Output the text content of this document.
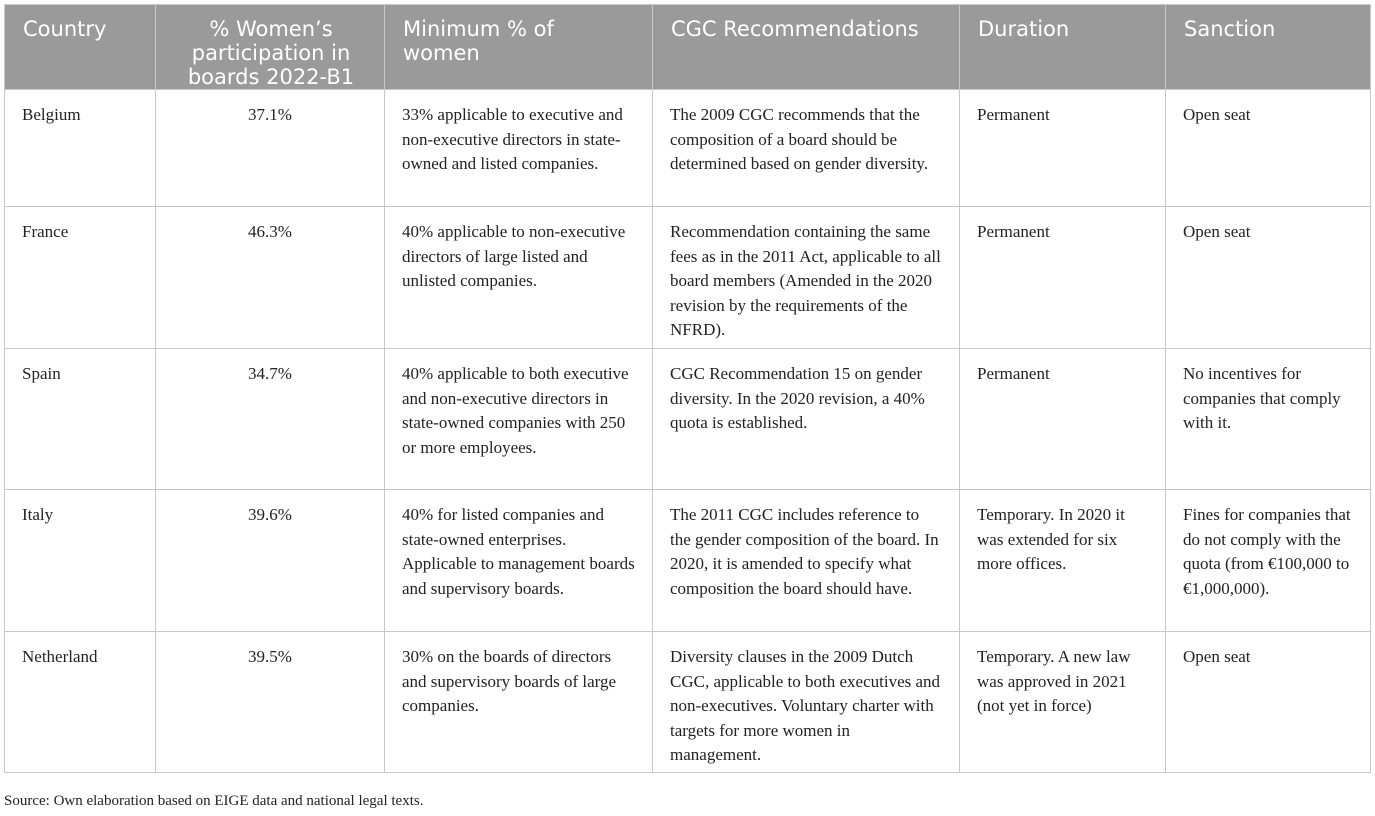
Country	% Women’s participation in boards 2022-B1	Minimum % of women	CGC Recommendations	Duration	Sanction
Belgium	37.1%	33% applicable to executive and non-executive directors in state-owned and listed companies.	The 2009 CGC recommends that the composition of a board should be determined based on gender diversity.	Permanent	Open seat
France	46.3%	40% applicable to non-executive directors of large listed and unlisted companies.	Recommendation containing the same fees as in the 2011 Act, applicable to all board members (Amended in the 2020 revision by the requirements of the NFRD).	Permanent	Open seat
Spain	34.7%	40% applicable to both executive and non-executive directors in state-owned companies with 250 or more employees.	CGC Recommendation 15 on gender diversity. In the 2020 revision, a 40% quota is established.	Permanent	No incentives for companies that comply with it.
Italy	39.6%	40% for listed companies and state-owned enterprises. Applicable to management boards and supervisory boards.	The 2011 CGC includes reference to the gender composition of the board. In 2020, it is amended to specify what composition the board should have.	Temporary. In 2020 it was extended for six more offices.	Fines for companies that do not comply with the quota (from €100,000 to €1,000,000).
Netherland	39.5%	30% on the boards of directors and supervisory boards of large companies.	Diversity clauses in the 2009 Dutch CGC, applicable to both executives and non-executives. Voluntary charter with targets for more women in management.	Temporary. A new law was approved in 2021 (not yet in force)	Open seat
Source: Own elaboration based on EIGE data and national legal texts.
